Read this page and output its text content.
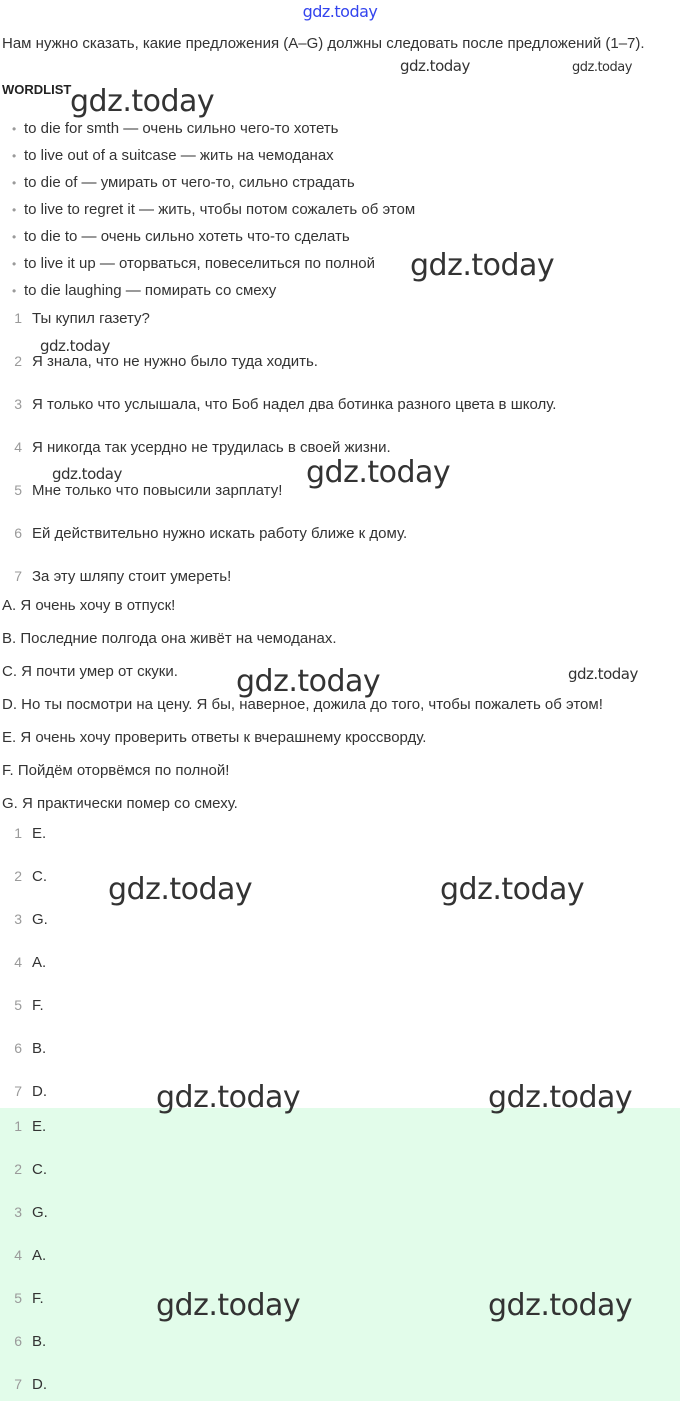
gdz.today
Нам нужно сказать, какие предложения (A–G) должны следовать после предложений (1–7).
WORDLIST
• to die for smth — очень сильно чего-то хотеть
• to live out of a suitcase — жить на чемоданах
• to die of — умирать от чего-то, сильно страдать
• to live to regret it — жить, чтобы потом сожалеть об этом
• to die to — очень сильно хотеть что-то сделать
• to live it up — оторваться, повеселиться по полной
• to die laughing — помирать со смеху
1 Ты купил газету?
2 Я знала, что не нужно было туда ходить.
3 Я только что услышала, что Боб надел два ботинка разного цвета в школу.
4 Я никогда так усердно не трудилась в своей жизни.
5 Мне только что повысили зарплату!
6 Ей действительно нужно искать работу ближе к дому.
7 За эту шляпу стоит умереть!
A. Я очень хочу в отпуск!
B. Последние полгода она живёт на чемоданах.
C. Я почти умер от скуки.
D. Но ты посмотри на цену. Я бы, наверное, дожила до того, чтобы пожалеть об этом!
E. Я очень хочу проверить ответы к вчерашнему кроссворду.
F. Пойдём оторвёмся по полной!
G. Я практически помер со смеху.
1 E.
2 C.
3 G.
4 A.
5 F.
6 B.
7 D.
1 E.
2 C.
3 G.
4 A.
5 F.
6 B.
7 D.
gdz.today	gdz.today
gdz.today
gdz.today
gdz.today
gdz.today	gdz.today
gdz.today	gdz.today
gdz.today	gdz.today
gdz.today	gdz.today
gdz.today	gdz.today
